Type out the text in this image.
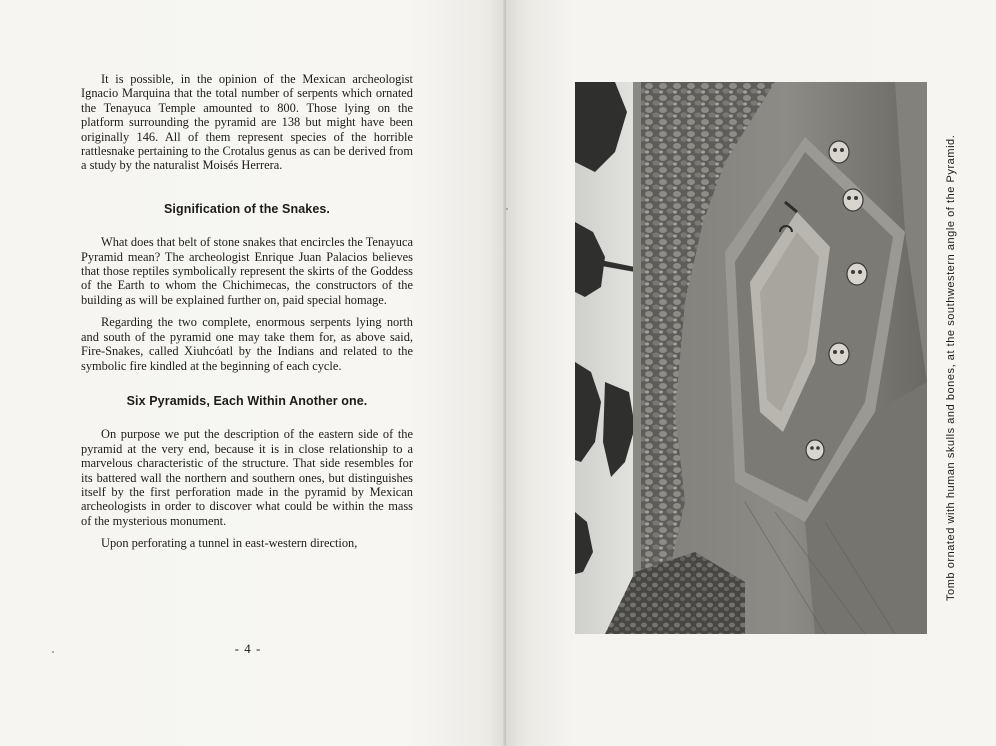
It is possible, in the opinion of the Mexican archeologist Ignacio Marquina that the total number of serpents which ornated the Tenayuca Temple amounted to 800. Those lying on the platform surrounding the pyramid are 138 but might have been originally 146. All of them represent species of the horrible rattlesnake pertaining to the Crotalus genus as can be derived from a study by the naturalist Moisés Herrera.

Signification of the Snakes.

What does that belt of stone snakes that encircles the Tenayuca Pyramid mean? The archeologist Enrique Juan Palacios believes that those reptiles symbolically represent the skirts of the Goddess of the Earth to whom the Chichimecas, the constructors of the building as will be explained further on, paid special homage.

Regarding the two complete, enormous serpents lying north and south of the pyramid one may take them for, as above said, Fire-Snakes, called Xiuhcóatl by the Indians and related to the symbolic fire kindled at the beginning of each cycle.

Six Pyramids, Each Within Another one.

On purpose we put the description of the eastern side of the pyramid at the very end, because it is in close relationship to a marvelous characteristic of the structure. That side resembles for its battered wall the northern and southern ones, but distinguishes itself by the first perforation made in the pyramid by Mexican archeologists in order to discover what could be within the mass of the mysterious monument.

Upon perforating a tunnel in east-western direction,

- 4 -
Tomb ornated with human skulls and bones, at the southwestern angle of the Pyramid.
